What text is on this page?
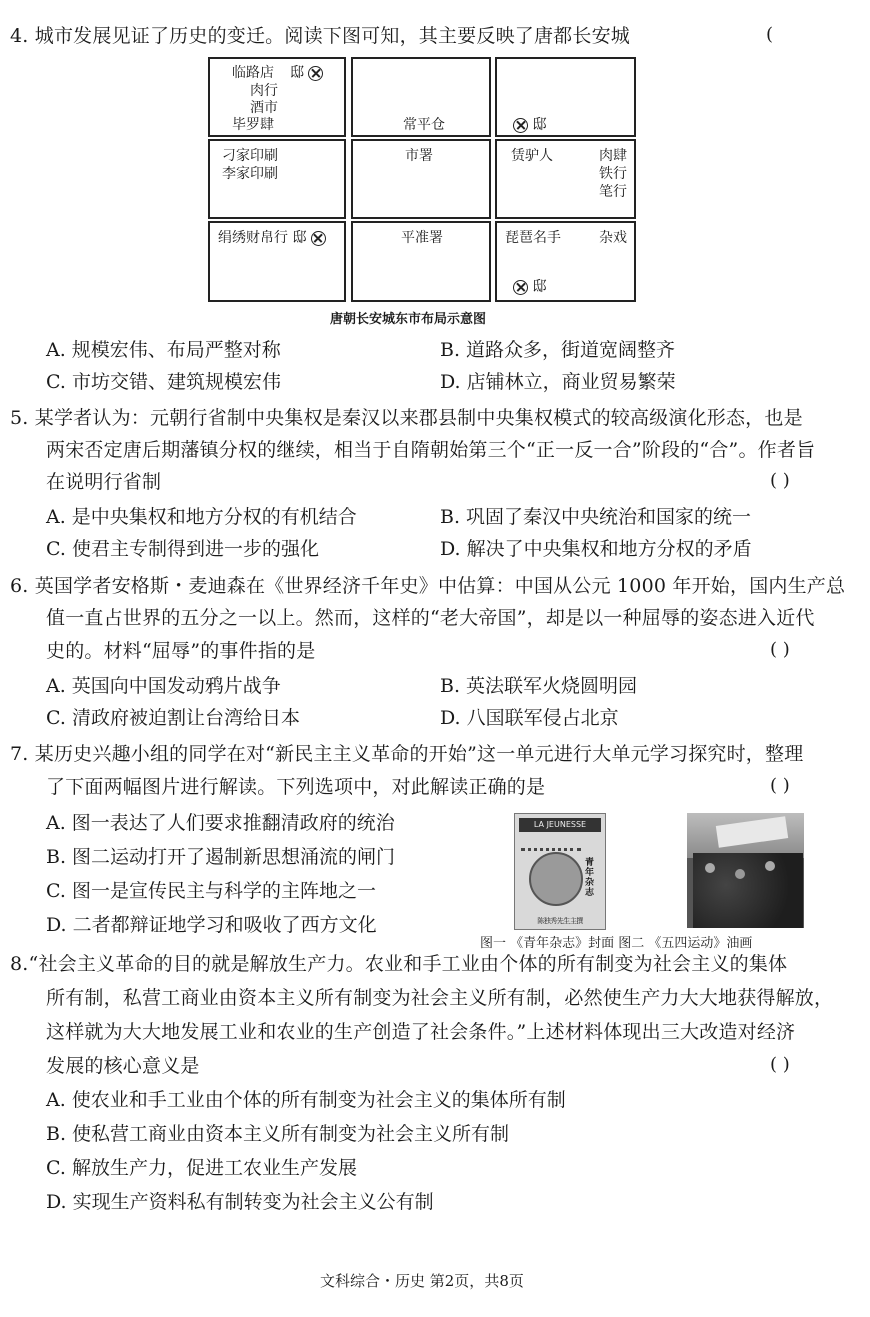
4. 城市发展见证了历史的变迁。阅读下图可知，其主要反映了唐都长安城	(
临路店 邸
肉行
酒市
毕罗肆	常平仓	邸
刁家印刷
李家印刷
市署	赁驴人	肉肆
铁行
笔行
绢绣财帛行 邸	平准署	琵琶名手	杂戏
邸
唐朝长安城东市布局示意图
A. 规模宏伟、布局严整对称	B. 道路众多，街道宽阔整齐
C. 市坊交错、建筑规模宏伟	D. 店铺林立，商业贸易繁荣
5. 某学者认为：元朝行省制中央集权是秦汉以来郡县制中央集权模式的较高级演化形态，也是
两宋否定唐后期藩镇分权的继续，相当于自隋朝始第三个“正一反一合”阶段的“合”。作者旨
在说明行省制	( )
A. 是中央集权和地方分权的有机结合	B. 巩固了秦汉中央统治和国家的统一
C. 使君主专制得到进一步的强化	D. 解决了中央集权和地方分权的矛盾
6. 英国学者安格斯・麦迪森在《世界经济千年史》中估算：中国从公元 1000 年开始，国内生产总
值一直占世界的五分之一以上。然而，这样的“老大帝国”，却是以一种屈辱的姿态进入近代
史的。材料“屈辱”的事件指的是	( )
A. 英国向中国发动鸦片战争	B. 英法联军火烧圆明园
C. 清政府被迫割让台湾给日本	D. 八国联军侵占北京
7. 某历史兴趣小组的同学在对“新民主主义革命的开始”这一单元进行大单元学习探究时，整理
了下面两幅图片进行解读。下列选项中，对此解读正确的是	( )
A. 图一表达了人们要求推翻清政府的统治
B. 图二运动打开了遏制新思想涌流的闸门
C. 图一是宣传民主与科学的主阵地之一
D. 二者都辩证地学习和吸收了西方文化
LA JEUNESSE
青年杂志
陈独秀先生主撰
图一 《青年杂志》封面 图二 《五四运动》油画
8.“社会主义革命的目的就是解放生产力。农业和手工业由个体的所有制变为社会主义的集体
所有制，私营工商业由资本主义所有制变为社会主义所有制，必然使生产力大大地获得解放，
这样就为大大地发展工业和农业的生产创造了社会条件。”上述材料体现出三大改造对经济
发展的核心意义是	( )
A. 使农业和手工业由个体的所有制变为社会主义的集体所有制
B. 使私营工商业由资本主义所有制变为社会主义所有制
C. 解放生产力，促进工农业生产发展
D. 实现生产资料私有制转变为社会主义公有制
文科综合・历史 第2页，共8页
